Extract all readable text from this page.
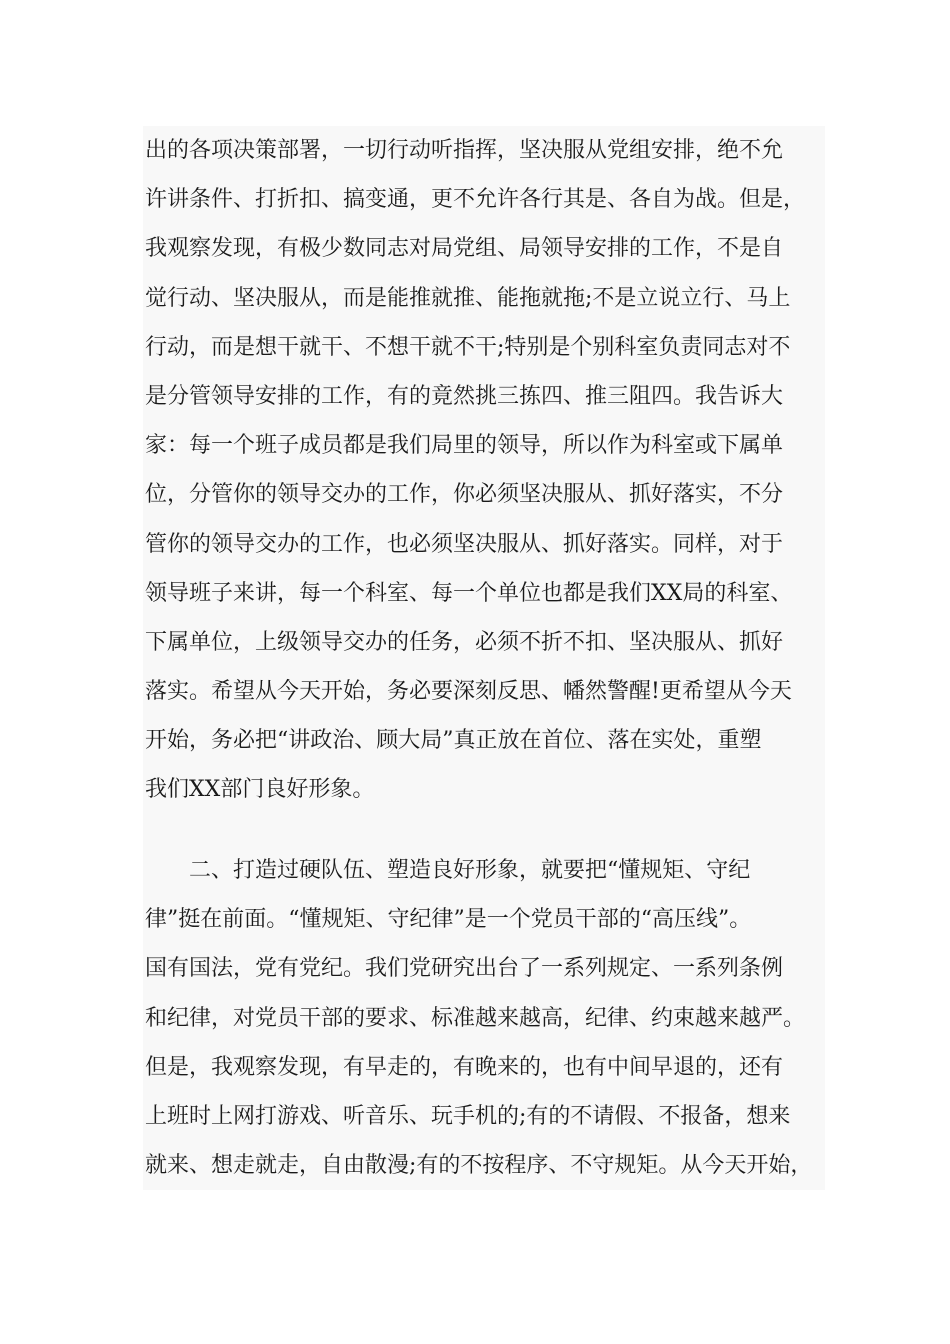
出的各项决策部署，一切行动听指挥，坚决服从党组安排，绝不允
许讲条件、打折扣、搞变通，更不允许各行其是、各自为战。但是，
我观察发现，有极少数同志对局党组、局领导安排的工作，不是自
觉行动、坚决服从，而是能推就推、能拖就拖;不是立说立行、马上
行动，而是想干就干、不想干就不干;特别是个别科室负责同志对不
是分管领导安排的工作，有的竟然挑三拣四、推三阻四。我告诉大
家：每一个班子成员都是我们局里的领导，所以作为科室或下属单
位，分管你的领导交办的工作，你必须坚决服从、抓好落实，不分
管你的领导交办的工作，也必须坚决服从、抓好落实。同样，对于
领导班子来讲，每一个科室、每一个单位也都是我们XX局的科室、
下属单位，上级领导交办的任务，必须不折不扣、坚决服从、抓好
落实。希望从今天开始，务必要深刻反思、幡然警醒!更希望从今天
开始，务必把“讲政治、顾大局”真正放在首位、落在实处，重塑
我们XX部门良好形象。
二、打造过硬队伍、塑造良好形象，就要把“懂规矩、守纪
律”挺在前面。“懂规矩、守纪律”是一个党员干部的“高压线”。
国有国法，党有党纪。我们党研究出台了一系列规定、一系列条例
和纪律，对党员干部的要求、标准越来越高，纪律、约束越来越严。
但是，我观察发现，有早走的，有晚来的，也有中间早退的，还有
上班时上网打游戏、听音乐、玩手机的;有的不请假、不报备，想来
就来、想走就走，自由散漫;有的不按程序、不守规矩。从今天开始，
